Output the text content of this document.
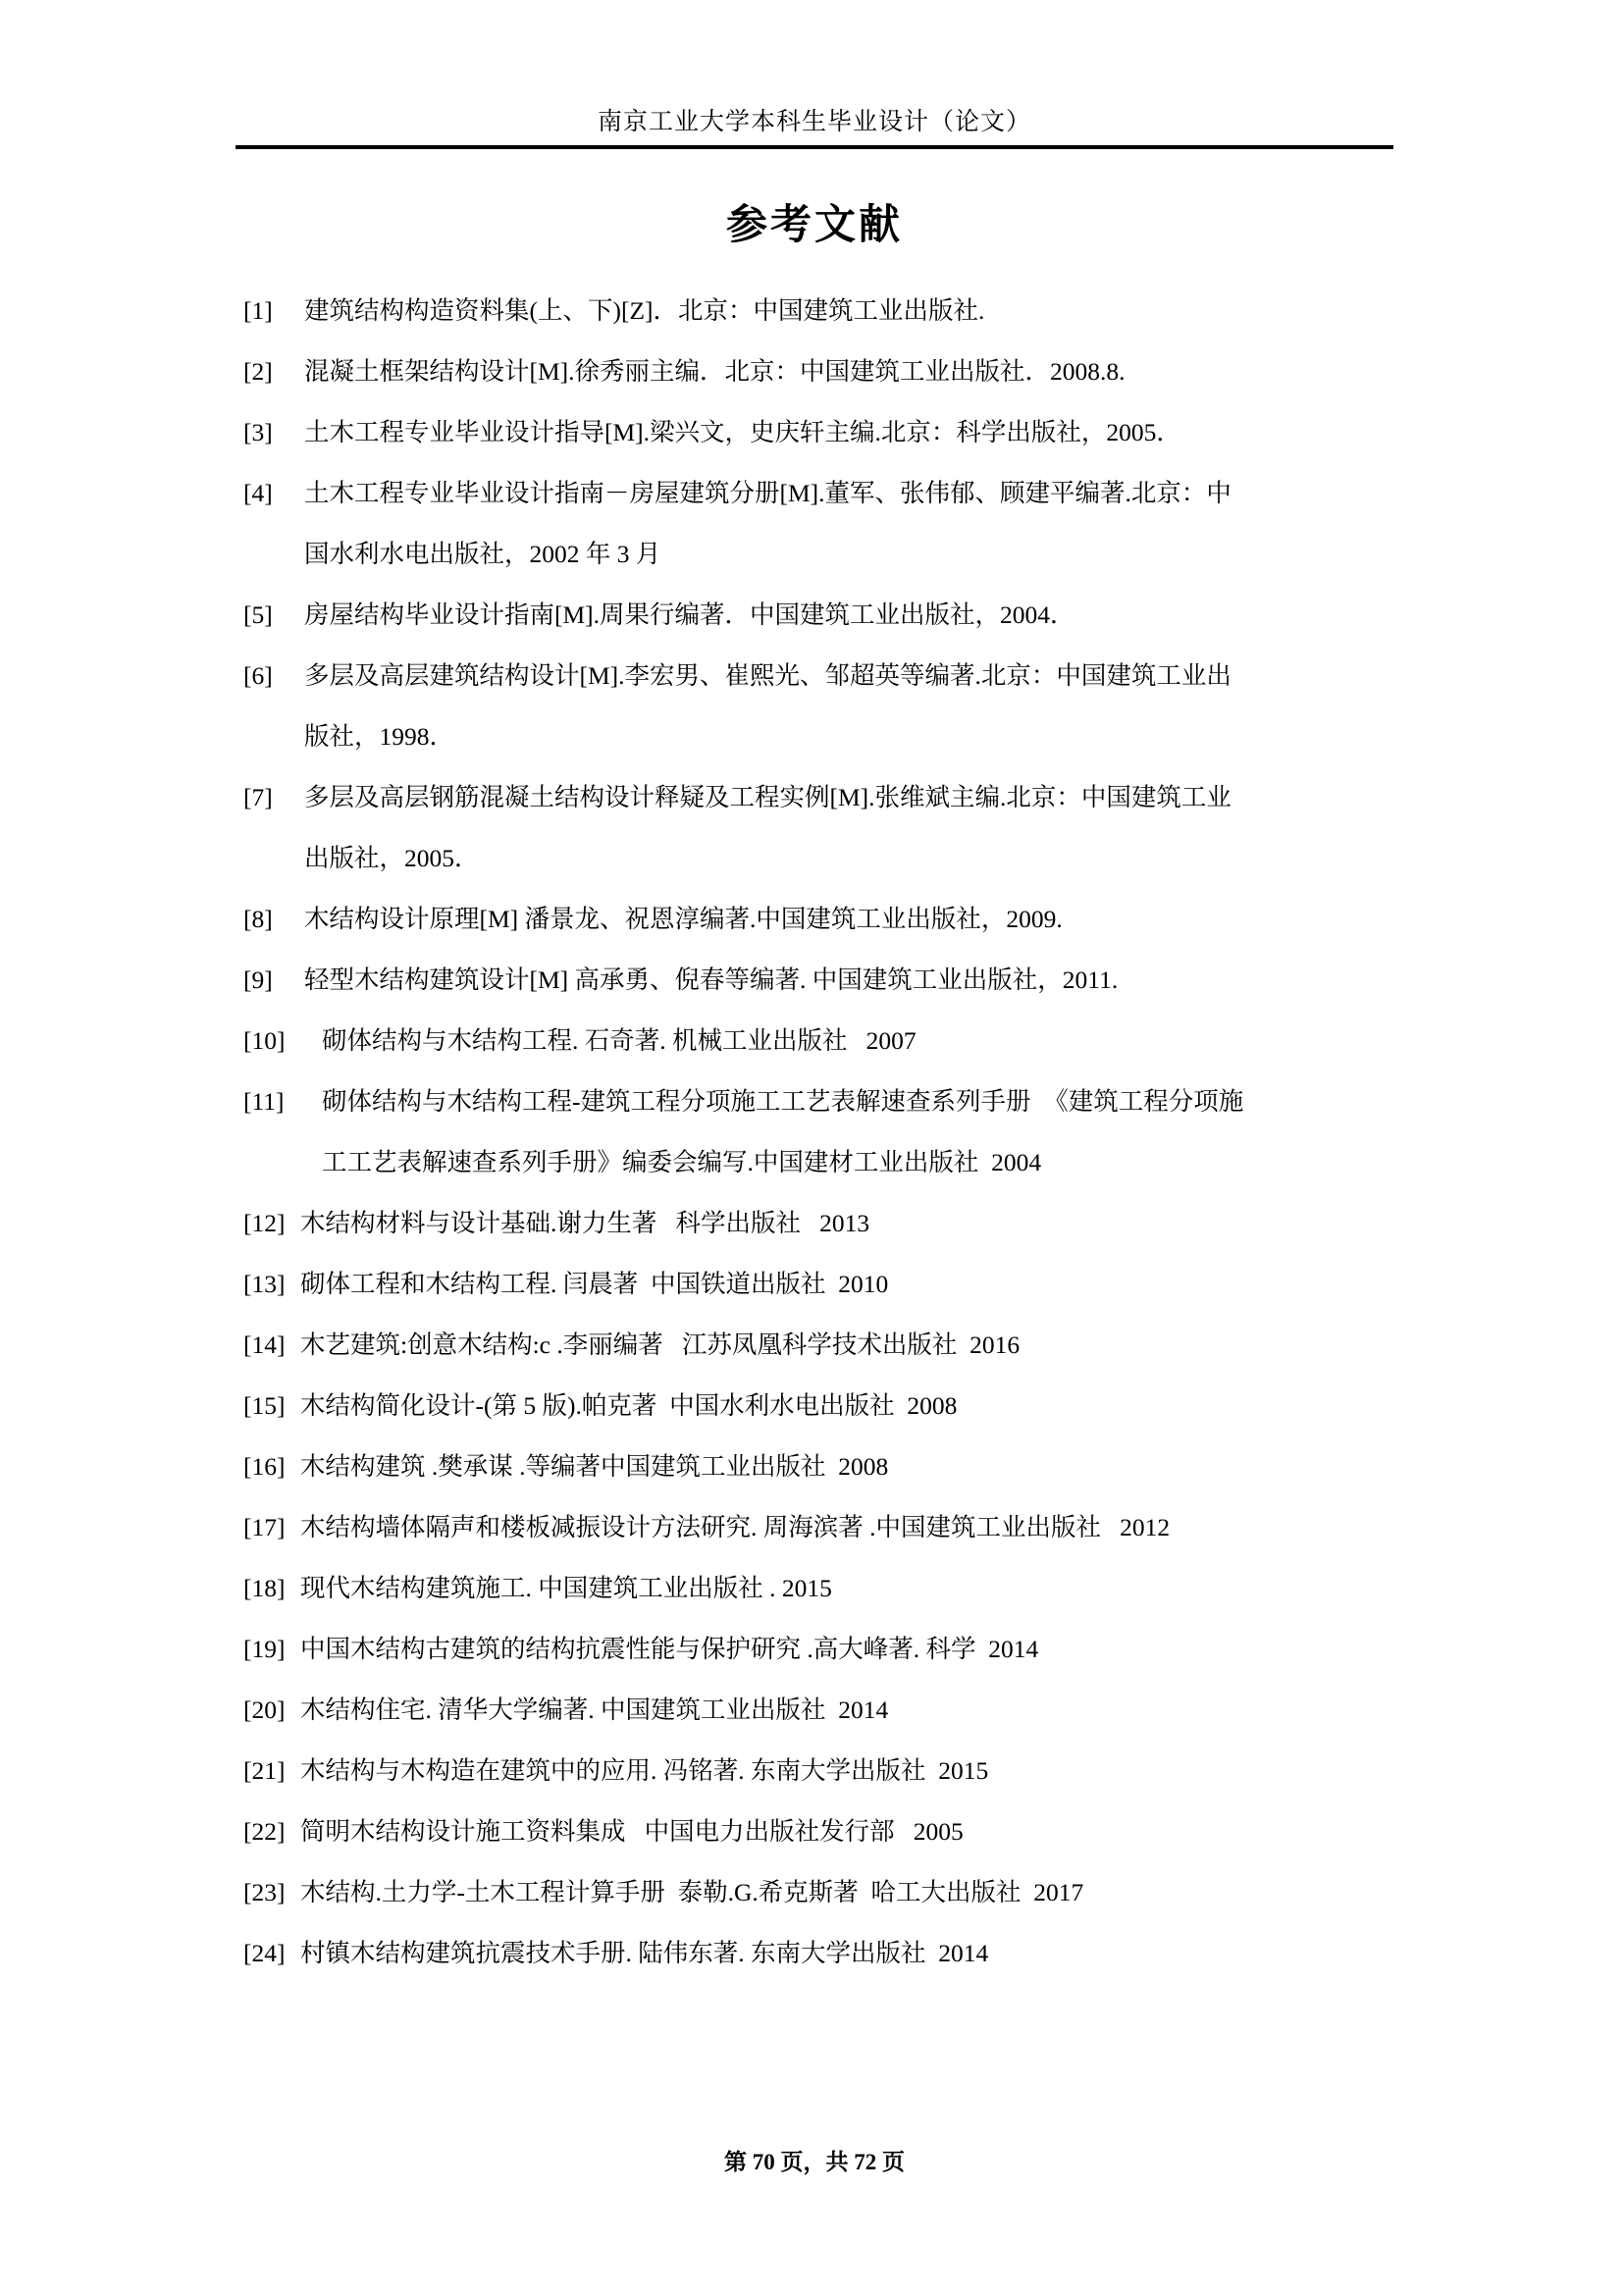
南京工业大学本科生毕业设计（论文）
参考文献
[1]	建筑结构构造资料集(上、下)[Z]．北京：中国建筑工业出版社.
[2]	混凝土框架结构设计[M].徐秀丽主编．北京：中国建筑工业出版社．2008.8.
[3]	土木工程专业毕业设计指导[M].梁兴文，史庆轩主编.北京：科学出版社，2005．
[4]	土木工程专业毕业设计指南－房屋建筑分册[M].董军、张伟郁、顾建平编著.北京：中
国水利水电出版社，2002 年 3 月
[5]	房屋结构毕业设计指南[M].周果行编著．中国建筑工业出版社，2004．
[6]	多层及高层建筑结构设计[M].李宏男、崔熙光、邹超英等编著.北京：中国建筑工业出
版社，1998．
[7]	多层及高层钢筋混凝土结构设计释疑及工程实例[M].张维斌主编.北京：中国建筑工业
出版社，2005．
[8]	木结构设计原理[M] 潘景龙、祝恩淳编著.中国建筑工业出版社，2009.
[9]	轻型木结构建筑设计[M] 高承勇、倪春等编著. 中国建筑工业出版社，2011.
[10]	砌体结构与木结构工程. 石奇著. 机械工业出版社   2007
[11]	砌体结构与木结构工程-建筑工程分项施工工艺表解速查系列手册  《建筑工程分项施
工工艺表解速查系列手册》编委会编写.中国建材工业出版社  2004
[12] 木结构材料与设计基础.谢力生著   科学出版社   2013
[13] 砌体工程和木结构工程. 闫晨著  中国铁道出版社  2010
[14] 木艺建筑:创意木结构:c .李丽编著   江苏凤凰科学技术出版社  2016
[15] 木结构简化设计-(第 5 版).帕克著  中国水利水电出版社  2008
[16] 木结构建筑 .樊承谋 .等编著中国建筑工业出版社  2008
[17] 木结构墙体隔声和楼板减振设计方法研究. 周海滨著 .中国建筑工业出版社   2012
[18] 现代木结构建筑施工. 中国建筑工业出版社 . 2015
[19] 中国木结构古建筑的结构抗震性能与保护研究 .高大峰著. 科学  2014
[20] 木结构住宅. 清华大学编著. 中国建筑工业出版社  2014
[21] 木结构与木构造在建筑中的应用. 冯铭著. 东南大学出版社  2015
[22] 简明木结构设计施工资料集成   中国电力出版社发行部   2005
[23] 木结构.土力学-土木工程计算手册  泰勒.G.希克斯著  哈工大出版社  2017
[24] 村镇木结构建筑抗震技术手册. 陆伟东著. 东南大学出版社  2014
第 70 页，共 72 页
